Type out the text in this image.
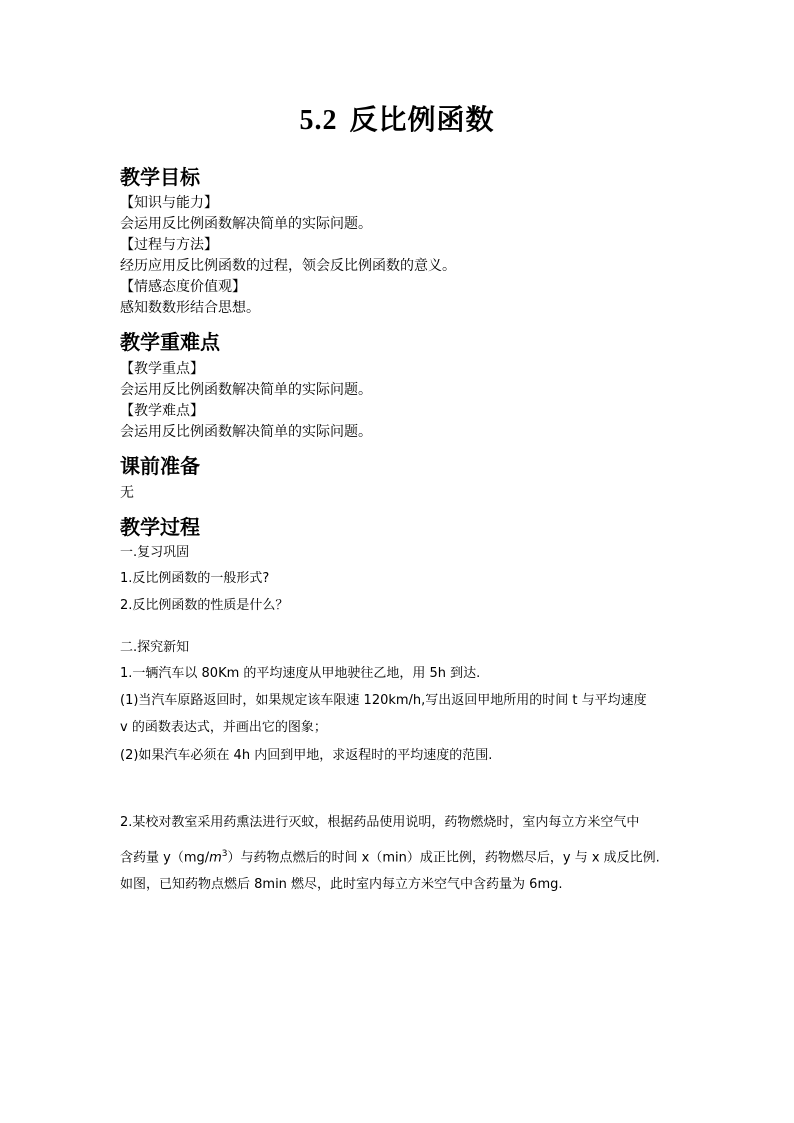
5.2 反比例函数
教学目标
【知识与能力】
会运用反比例函数解决简单的实际问题。
【过程与方法】
经历应用反比例函数的过程，领会反比例函数的意义。
【情感态度价值观】
感知数数形结合思想。
教学重难点
【教学重点】
会运用反比例函数解决简单的实际问题。
【教学难点】
会运用反比例函数解决简单的实际问题。
课前准备
无
教学过程
一.复习巩固
1.反比例函数的一般形式?
2.反比例函数的性质是什么？
二.探究新知
1.一辆汽车以 80Km 的平均速度从甲地驶往乙地，用 5h 到达.
(1)当汽车原路返回时，如果规定该车限速 120km/h,写出返回甲地所用的时间 t 与平均速度
v 的函数表达式，并画出它的图象；
(2)如果汽车必须在 4h 内回到甲地，求返程时的平均速度的范围.
2.某校对教室采用药熏法进行灭蚊，根据药品使用说明，药物燃烧时，室内每立方米空气中
含药量 $y(mg/m^3)$与药物点燃后的时间 x（min）成正比例，药物燃尽后，y 与 x 成反比例.
如图，已知药物点燃后 8min 燃尽，此时室内每立方米空气中含药量为 6mg.
